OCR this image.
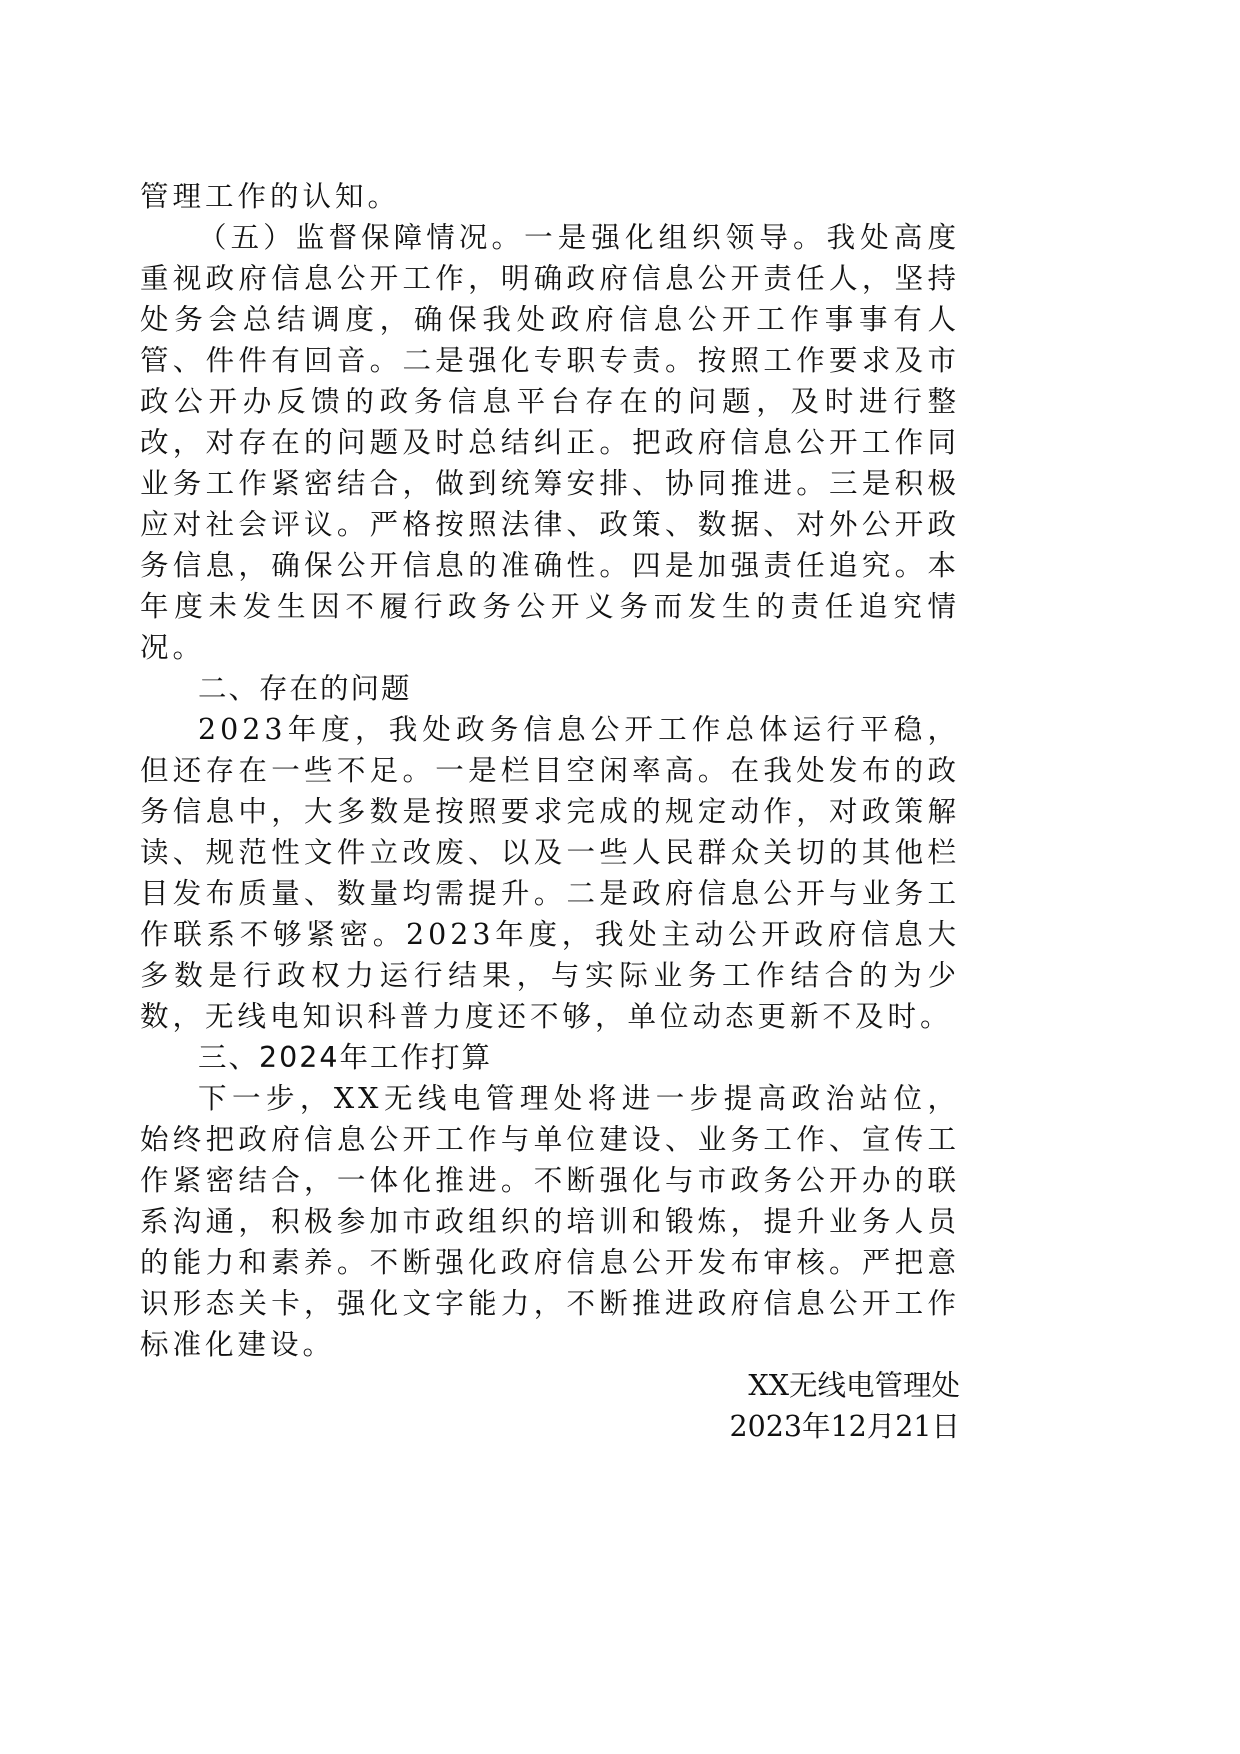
管理工作的认知。

（五）监督保障情况。一是强化组织领导。我处高度重视政府信息公开工作，明确政府信息公开责任人，坚持处务会总结调度，确保我处政府信息公开工作事事有人管、件件有回音。二是强化专职专责。按照工作要求及市政公开办反馈的政务信息平台存在的问题，及时进行整改，对存在的问题及时总结纠正。把政府信息公开工作同业务工作紧密结合，做到统筹安排、协同推进。三是积极应对社会评议。严格按照法律、政策、数据、对外公开政务信息，确保公开信息的准确性。四是加强责任追究。本年度未发生因不履行政务公开义务而发生的责任追究情况。

二、存在的问题

2023年度，我处政务信息公开工作总体运行平稳，但还存在一些不足。一是栏目空闲率高。在我处发布的政务信息中，大多数是按照要求完成的规定动作，对政策解读、规范性文件立改废、以及一些人民群众关切的其他栏目发布质量、数量均需提升。二是政府信息公开与业务工作联系不够紧密。2023年度，我处主动公开政府信息大多数是行政权力运行结果，与实际业务工作结合的为少数，无线电知识科普力度还不够，单位动态更新不及时。

三、2024年工作打算

下一步，XX无线电管理处将进一步提高政治站位，始终把政府信息公开工作与单位建设、业务工作、宣传工作紧密结合，一体化推进。不断强化与市政务公开办的联系沟通，积极参加市政组织的培训和锻炼，提升业务人员的能力和素养。不断强化政府信息公开发布审核。严把意识形态关卡，强化文字能力，不断推进政府信息公开工作标准化建设。

XX无线电管理处

2023年12月21日
